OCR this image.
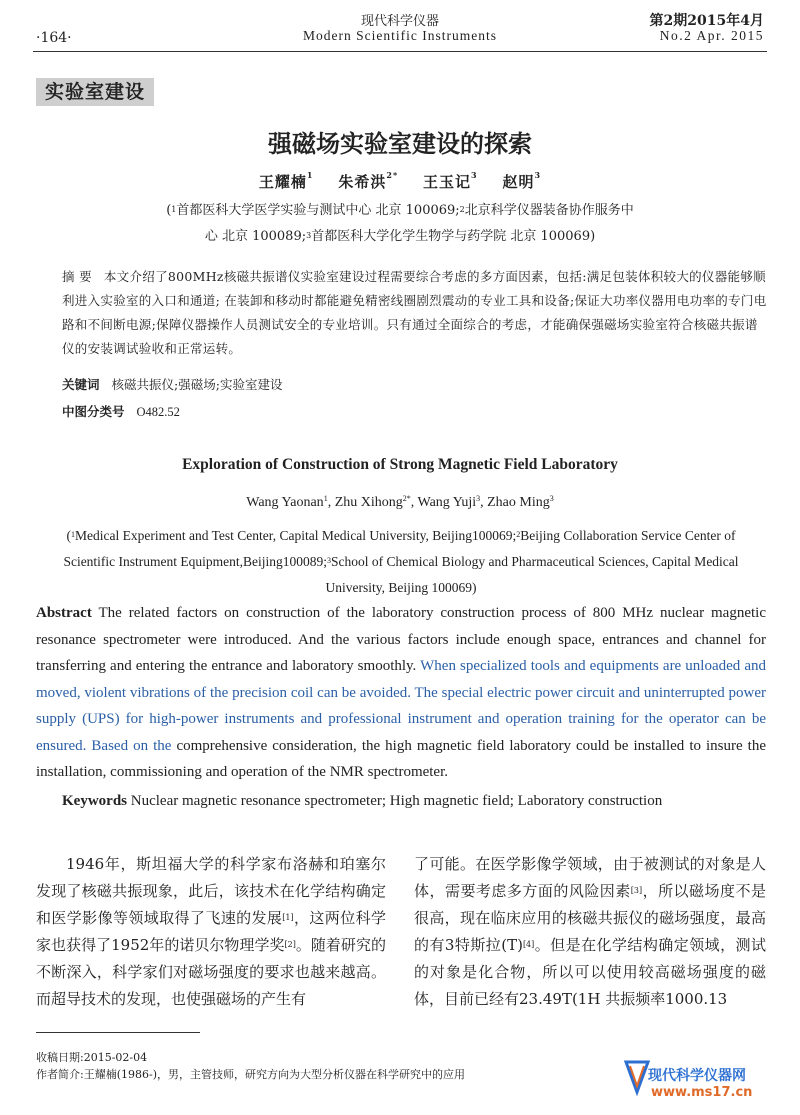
·164·
现代科学仪器
Modern Scientific Instruments
第2期2015年4月
No.2 Apr. 2015
实验室建设
强磁场实验室建设的探索
王耀楠$^1$ 朱希洪$^{2*}$ 王玉记$^3$ 赵明$^3$
($^1$首都医科大学医学实验与测试中心 北京 100069;$^2$北京科学仪器装备协作服务中
心 北京 100089;$^3$首都医科大学化学生物学与药学院 北京 100069)
摘 要 本文介绍了800MHz核磁共振谱仪实验室建设过程需要综合考虑的多方面因素，包括:满足包装体积较大的仪器能够顺利进入实验室的入口和通道; 在装卸和移动时都能避免精密线圈剧烈震动的专业工具和设备;保证大功率仪器用电功率的专门电路和不间断电源;保障仪器操作人员测试安全的专业培训。只有通过全面综合的考虑，才能确保强磁场实验室符合核磁共振谱仪的安装调试验收和正常运转。
关键词 核磁共振仪;强磁场;实验室建设
中图分类号 O482.52
Exploration of Construction of Strong Magnetic Field Laboratory
Wang Yaonan$^1$, Zhu Xihong$^{2*}$, Wang Yuji$^3$, Zhao Ming$^3$
($^1$Medical Experiment and Test Center, Capital Medical University, Beijing100069;$^2$Beijing Collaboration Service Center of Scientific Instrument Equipment,Beijing100089;$^3$School of Chemical Biology and Pharmaceutical Sciences, Capital Medical University, Beijing 100069)
Abstract The related factors on construction of the laboratory construction process of 800 MHz nuclear magnetic resonance spectrometer were introduced. And the various factors include enough space, entrances and channel for transferring and entering the entrance and laboratory smoothly. When specialized tools and equipments are unloaded and moved, violent vibrations of the precision coil can be avoided. The special electric power circuit and uninterrupted power supply (UPS) for high-power instruments and professional instrument and operation training for the operator can be ensured. Based on the comprehensive consideration, the high magnetic field laboratory could be installed to insure the installation, commissioning and operation of the NMR spectrometer.
Keywords Nuclear magnetic resonance spectrometer; High magnetic field; Laboratory construction
1946年，斯坦福大学的科学家布洛赫和珀塞尔发现了核磁共振现象，此后，该技术在化学结构确定和医学影像等领域取得了飞速的发展[1]，这两位科学家也获得了1952年的诺贝尔物理学奖[2]。随着研究的不断深入，科学家们对磁场强度的要求也越来越高。而超导技术的发现，也使强磁场的产生有
了可能。在医学影像学领域，由于被测试的对象是人体，需要考虑多方面的风险因素[3]，所以磁场度不是很高，现在临床应用的核磁共振仪的磁场强度，最高的有3特斯拉(T)[4]。但是在化学结构确定领域，测试的对象是化合物，所以可以使用较高磁场强度的磁体，目前已经有23.49T(1H 共振频率1000.13
收稿日期:2015-02-04
作者简介:王耀楠(1986-)，男，主管技师，研究方向为大型分析仪器在科学研究中的应用	现代科学仪器网
www.ms17.cn
